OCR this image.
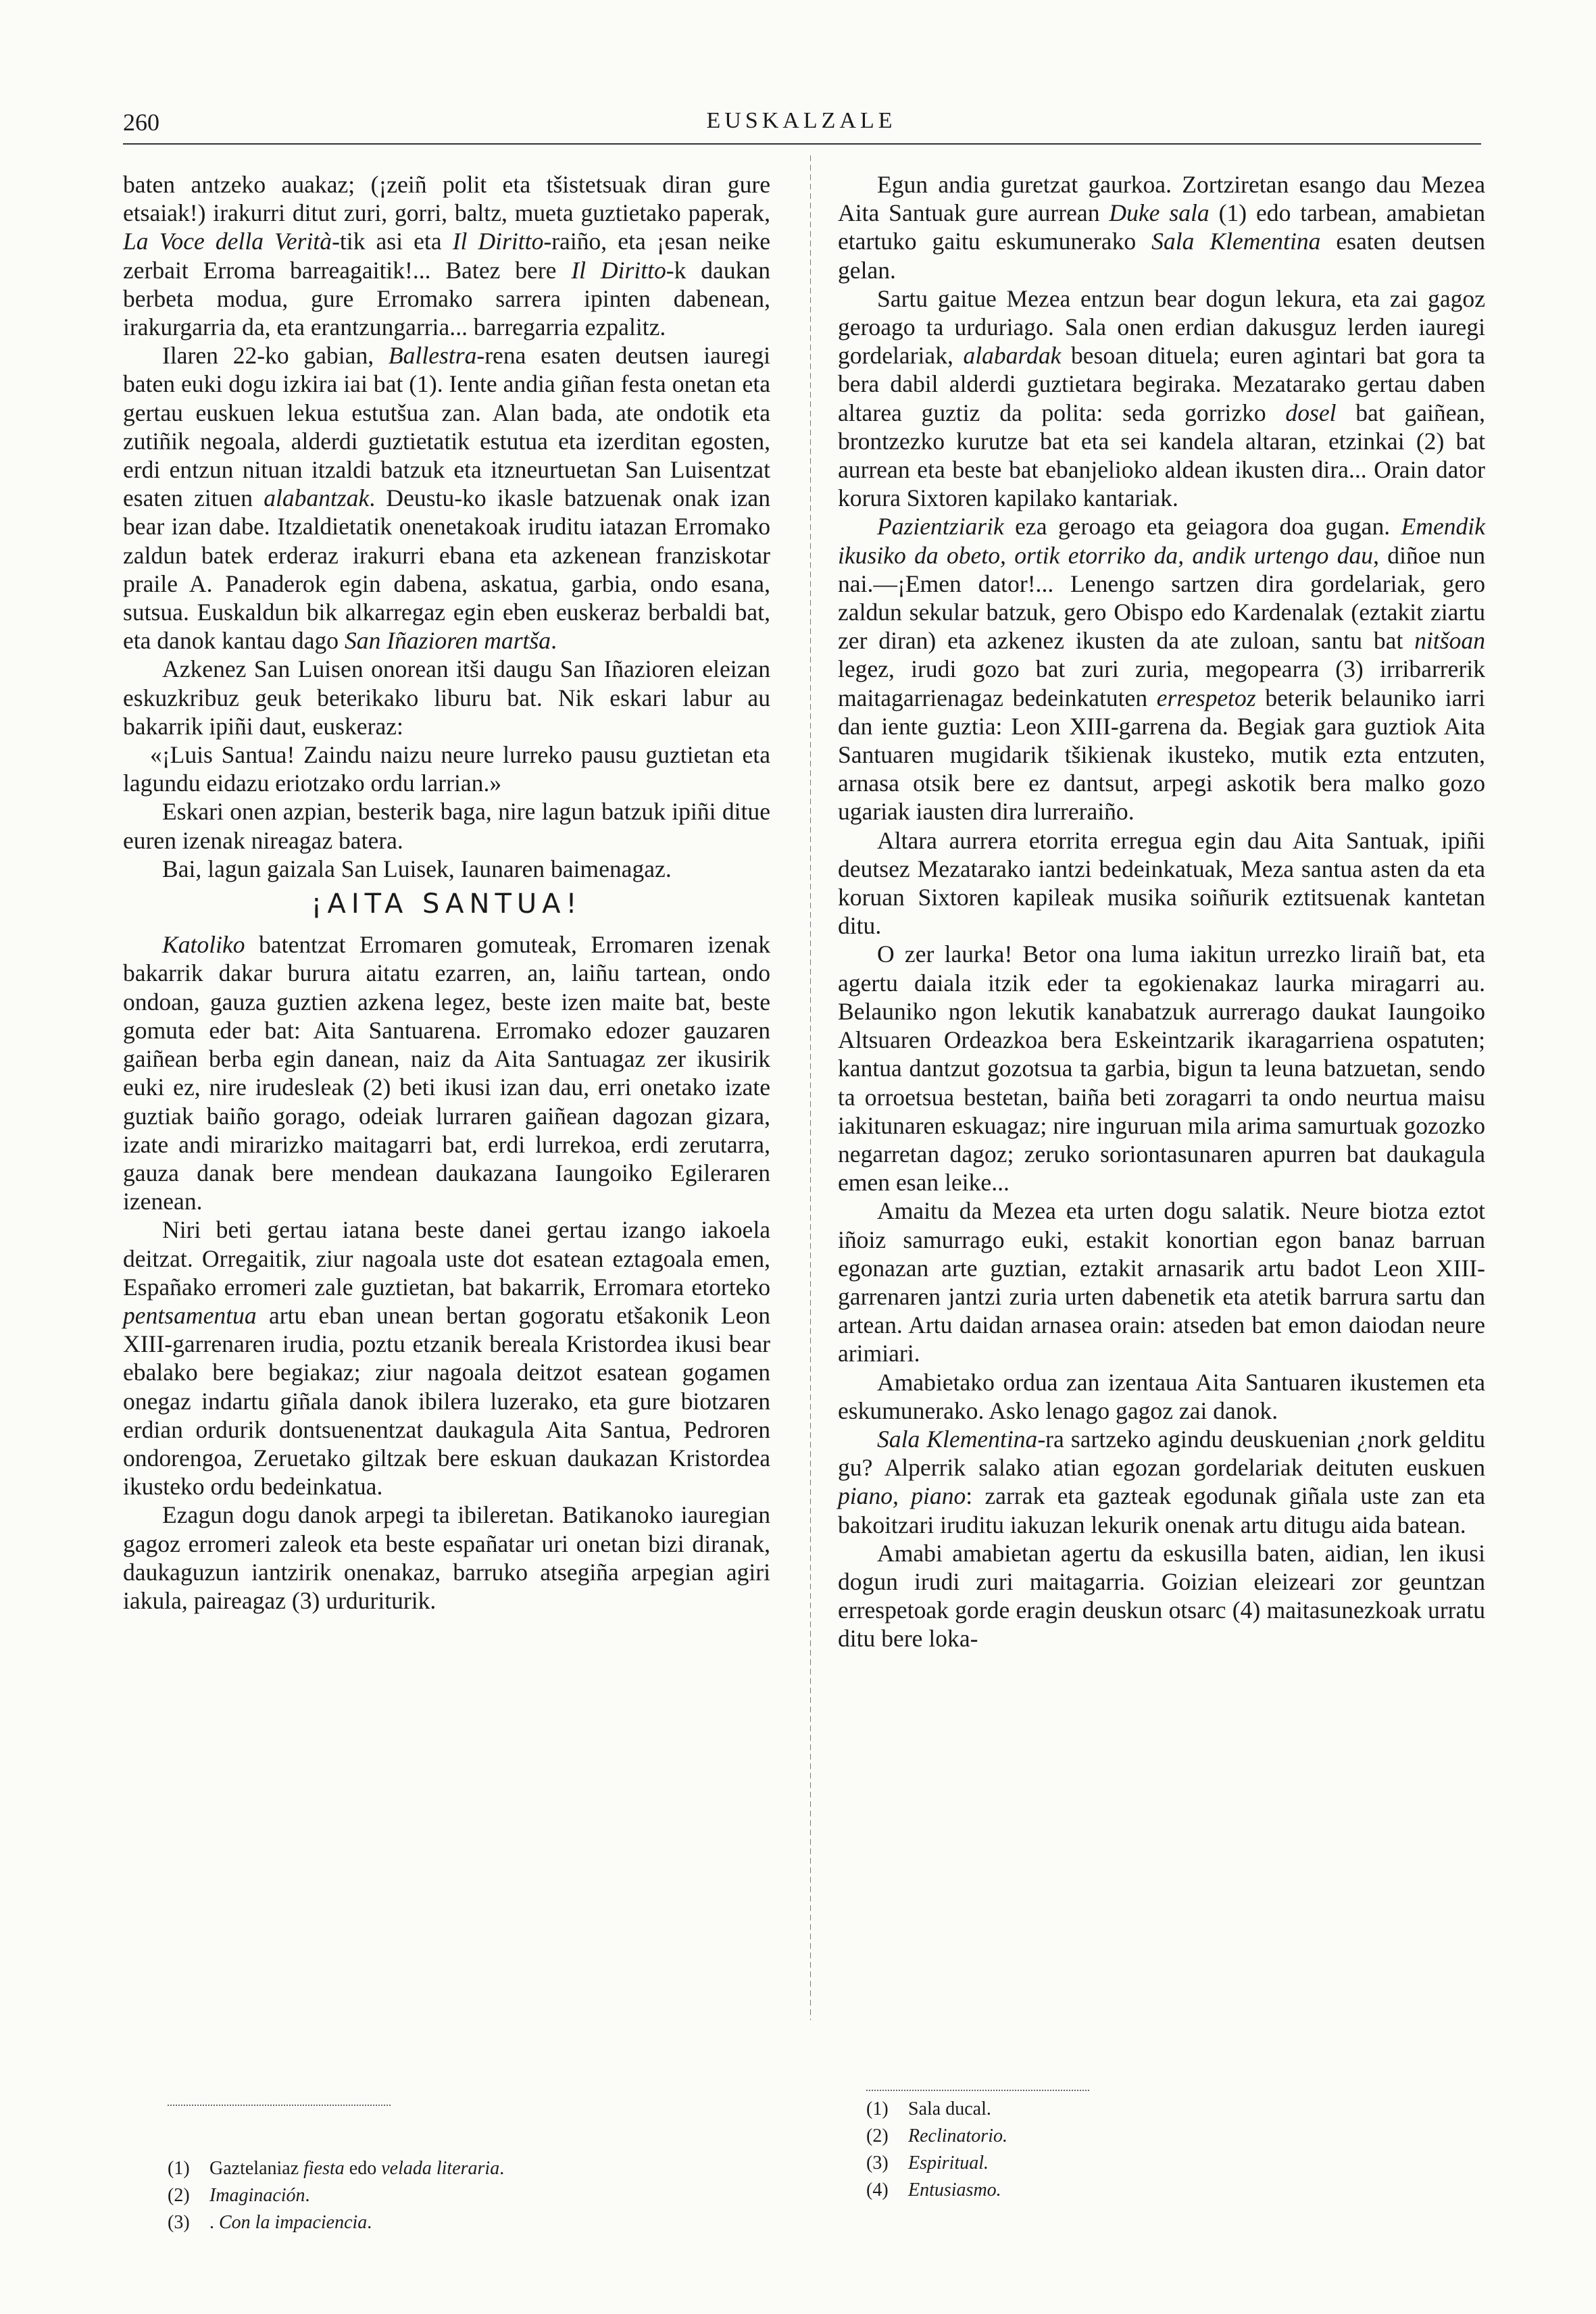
260	EUSKALZALE

baten antzeko auakaz; (¡zeiñ polit eta tšistetsuak diran gure etsaiak!) irakurri ditut zuri, gorri, baltz, mueta guztietako paperak, La Voce della Verità-tik asi eta Il Diritto-raiño, eta ¡esan neike zerbait Erroma barreagaitik!... Batez bere Il Diritto-k daukan berbeta modua, gure Erromako sarrera ipinten dabenean, irakurgarria da, eta erantzungarria... barregarria ezpalitz.

Ilaren 22-ko gabian, Ballestra-rena esaten deutsen iauregi baten euki dogu izkira iai bat (1). Iente andia giñan festa onetan eta gertau euskuen lekua estutšua zan. Alan bada, ate ondotik eta zutiñik negoala, alderdi guztietatik estutua eta izerditan egosten, erdi entzun nituan itzaldi batzuk eta itzneurtuetan San Luisentzat esaten zituen alabantzak. Deustu-ko ikasle batzuenak onak izan bear izan dabe. Itzaldietatik onenetakoak iruditu iatazan Erromako zaldun batek erderaz irakurri ebana eta azkenean franziskotar praile A. Panaderok egin dabena, askatua, garbia, ondo esana, sutsua. Euskaldun bik alkarregaz egin eben euskeraz berbaldi bat, eta danok kantau dago San Iñazioren martša.

Azkenez San Luisen onorean itši daugu San Iñazioren eleizan eskuzkribuz geuk beterikako liburu bat. Nik eskari labur au bakarrik ipiñi daut, euskeraz:

«¡Luis Santua! Zaindu naizu neure lurreko pausu guztietan eta lagundu eidazu eriotzako ordu larrian.»

Eskari onen azpian, besterik baga, nire lagun batzuk ipiñi ditue euren izenak nireagaz batera.

Bai, lagun gaizala San Luisek, Iaunaren baimenagaz.

¡AITA SANTUA!

Katoliko batentzat Erromaren gomuteak, Erromaren izenak bakarrik dakar burura aitatu ezarren, an, laiñu tartean, ondo ondoan, gauza guztien azkena legez, beste izen maite bat, beste gomuta eder bat: Aita Santuarena. Erromako edozer gauzaren gaiñean berba egin danean, naiz da Aita Santuagaz zer ikusirik euki ez, nire irudesleak (2) beti ikusi izan dau, erri onetako izate guztiak baiño gorago, odeiak lurraren gaiñean dagozan gizara, izate andi mirarizko maitagarri bat, erdi lurrekoa, erdi zerutarra, gauza danak bere mendean daukazana Iaungoiko Egileraren izenean.

Niri beti gertau iatana beste danei gertau izango iakoela deitzat. Orregaitik, ziur nagoala uste dot esatean eztagoala emen, Españako erromeri zale guztietan, bat bakarrik, Erromara etorteko pentsamentua artu eban unean bertan gogoratu etšakonik Leon XIII-garrenaren irudia, poztu etzanik bereala Kristordea ikusi bear ebalako bere begiakaz; ziur nagoala deitzot esatean gogamen onegaz indartu giñala danok ibilera luzerako, eta gure biotzaren erdian ordurik dontsuenentzat daukagula Aita Santua, Pedroren ondorengoa, Zeruetako giltzak bere eskuan daukazan Kristordea ikusteko ordu bedeinkatua.

Ezagun dogu danok arpegi ta ibileretan. Batikanoko iauregian gagoz erromeri zaleok eta beste españatar uri onetan bizi diranak, daukaguzun iantzirik onenakaz, barruko atsegiña arpegian agiri iakula, paireagaz (3) urduriturik.

Egun andia guretzat gaurkoa. Zortziretan esango dau Mezea Aita Santuak gure aurrean Duke sala (1) edo tarbean, amabietan etartuko gaitu eskumunerako Sala Klementina esaten deutsen gelan.

Sartu gaitue Mezea entzun bear dogun lekura, eta zai gagoz geroago ta urduriago. Sala onen erdian dakusguz lerden iauregi gordelariak, alabardak besoan dituela; euren agintari bat gora ta bera dabil alderdi guztietara begiraka. Mezatarako gertau daben altarea guztiz da polita: seda gorrizko dosel bat gaiñean, brontzezko kurutze bat eta sei kandela altaran, etzinkai (2) bat aurrean eta beste bat ebanjelioko aldean ikusten dira... Orain dator korura Sixtoren kapilako kantariak.

Pazientziarik eza geroago eta geiagora doa gugan. Emendik ikusiko da obeto, ortik etorriko da, andik urtengo dau, diñoe nun nai.—¡Emen dator!... Lenengo sartzen dira gordelariak, gero zaldun sekular batzuk, gero Obispo edo Kardenalak (eztakit ziartu zer diran) eta azkenez ikusten da ate zuloan, santu bat nitšoan legez, irudi gozo bat zuri zuria, megopearra (3) irribarrerik maitagarrienagaz bedeinkatuten errespetoz beterik belauniko iarri dan iente guztia: Leon XIII-garrena da. Begiak gara guztiok Aita Santuaren mugidarik tšikienak ikusteko, mutik ezta entzuten, arnasa otsik bere ez dantsut, arpegi askotik bera malko gozo ugariak iausten dira lurreraiño.

Altara aurrera etorrita erregua egin dau Aita Santuak, ipiñi deutsez Mezatarako iantzi bedeinkatuak, Meza santua asten da eta koruan Sixtoren kapileak musika soiñurik eztitsuenak kantetan ditu.

O zer laurka! Betor ona luma iakitun urrezko liraiñ bat, eta agertu daiala itzik eder ta egokienakaz laurka miragarri au. Belauniko ngon lekutik kanabatzuk aurrerago daukat Iaungoiko Altsuaren Ordeazkoa bera Eskeintzarik ikaragarriena ospatuten; kantua dantzut gozotsua ta garbia, bigun ta leuna batzuetan, sendo ta orroetsua bestetan, baiña beti zoragarri ta ondo neurtua maisu iakitunaren eskuagaz; nire inguruan mila arima samurtuak gozozko negarretan dagoz; zeruko soriontasunaren apurren bat daukagula emen esan leike...

Amaitu da Mezea eta urten dogu salatik. Neure biotza eztot iñoiz samurrago euki, estakit konortian egon banaz barruan egonazan arte guztian, eztakit arnasarik artu badot Leon XIII-garrenaren jantzi zuria urten dabenetik eta atetik barrura sartu dan artean. Artu daidan arnasea orain: atseden bat emon daiodan neure arimiari.

Amabietako ordua zan izentaua Aita Santuaren ikustemen eta eskumunerako. Asko lenago gagoz zai danok.

Sala Klementina-ra sartzeko agindu deuskuenian ¿nork gelditu gu? Alperrik salako atian egozan gordelariak deituten euskuen piano, piano: zarrak eta gazteak egodunak giñala uste zan eta bakoitzari iruditu iakuzan lekurik onenak artu ditugu aida batean.

Amabi amabietan agertu da eskusilla baten, aidian, len ikusi dogun irudi zuri maitagarria. Goizian eleizeari zor geuntzan errespetoak gorde eragin deuskun otsarc (4) maitasunezkoak urratu ditu bere loka-

(1) Gaztelaniaz fiesta edo velada literaria.
(2) Imaginación.
(3) . Con la impaciencia.
(1) Sala ducal.
(2) Reclinatorio.
(3) Espiritual.
(4) Entusiasmo.
